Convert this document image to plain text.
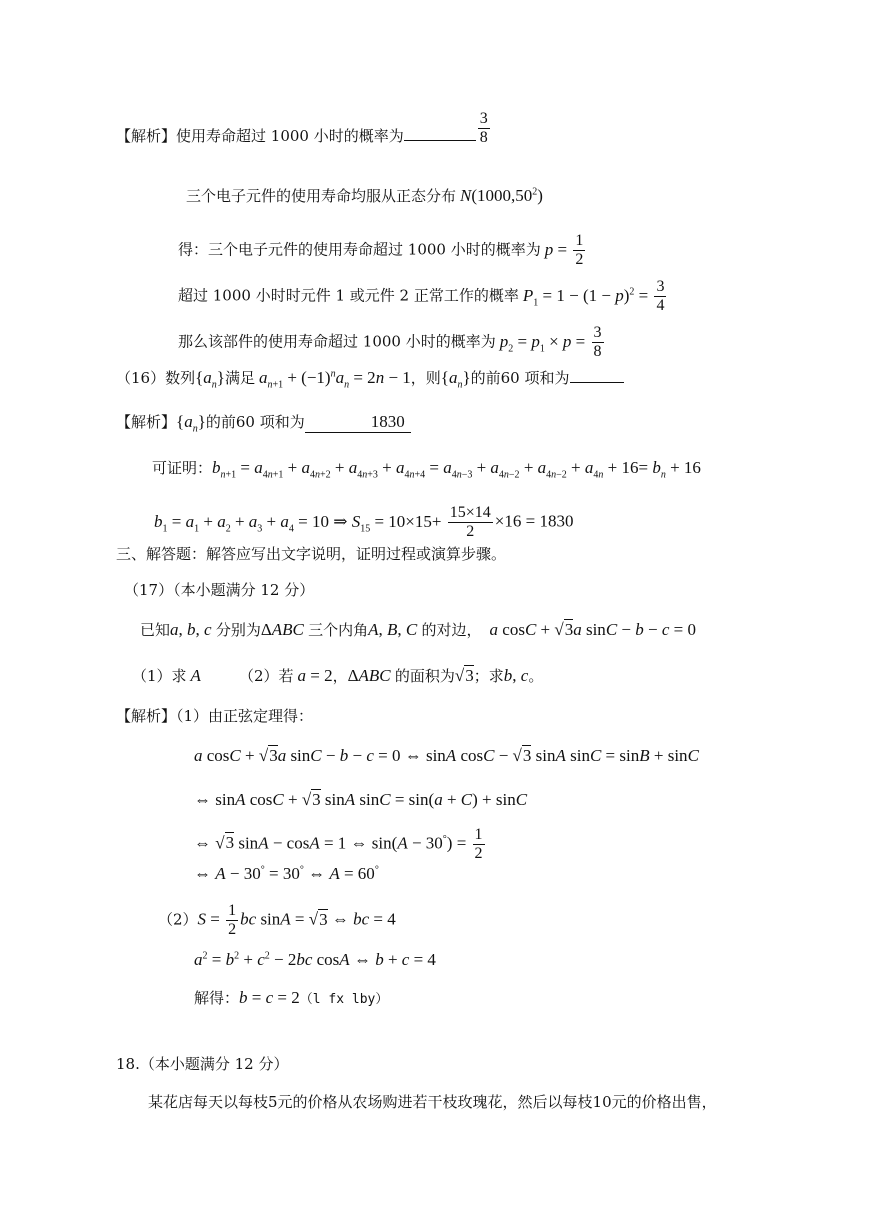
【解析】使用寿命超过 1000 小时的概率为	$\frac{3}{8}$
三个电子元件的使用寿命均服从正态分布 N(1000,50$^2$)
得：三个电子元件的使用寿命超过 1000 小时的概率为 $p = \frac{1}{2}$
超过 1000 小时时元件 1 或元件 2 正常工作的概率 $P_1 = 1 - (1 - p)^2 = \frac{3}{4}$
那么该部件的使用寿命超过 1000 小时的概率为 $p_2 = p_1 \times p = \frac{3}{8}$
（16）数列$\{a_n\}$满足 $a_{n+1} + (-1)^na_n = 2n - 1$，则$\{a_n\}$的前60 项和为
【解析】$\{a_n\}$的前60 项和为	1830
可证明：$b_{n+1} = a_{4n+1} + a_{4n+2} + a_{4n+3} + a_{4n+4} = a_{4n-3} + a_{4n-2} + a_{4n-2} + a_{4n} + 16= b_n + 16$
$b_1 = a_1 + a_2 + a_3 + a_4 = 10$ ⇒ $S_{15} = 10\times 15+ \frac{15\times 14}{2} \times 16 = 1830$
三、解答题：解答应写出文字说明，证明过程或演算步骤。
（17）（本小题满分 12 分）
已知a, b, c 分别为ΔABC 三个内角A, B, C 的对边， a cosC + √3a sinC − b − c = 0
（1）求 A	（2）若 a = 2，ΔABC 的面积为√3；求b, c。
【解析】（1）由正弦定理得：
a cosC + √3a sinC − b − c = 0 ⇔ sinA cosC − √3 sinA sinC = sinB + sinC
⇔ sinA cosC + √3 sinA sinC = sin(a + C) + sinC
⇔ √3 sinA − cosA = 1 ⇔ $\sin(A - 30^\circ) = \frac{1}{2}$
⇔ A − 30° = 30° ⇔ A = 60°
$(2)S = \frac{1}{2}$ bc sinA = √3 ⇔ bc = 4
$a^2 = b^2 + c^2 - 2bc$ cosA ⇔ b + c = 4
解得：b = c = 2（l fx lby）
18.（本小题满分 12 分）
某花店每天以每枝5元的价格从农场购进若干枝玫瑰花，然后以每枝10元的价格出售，
